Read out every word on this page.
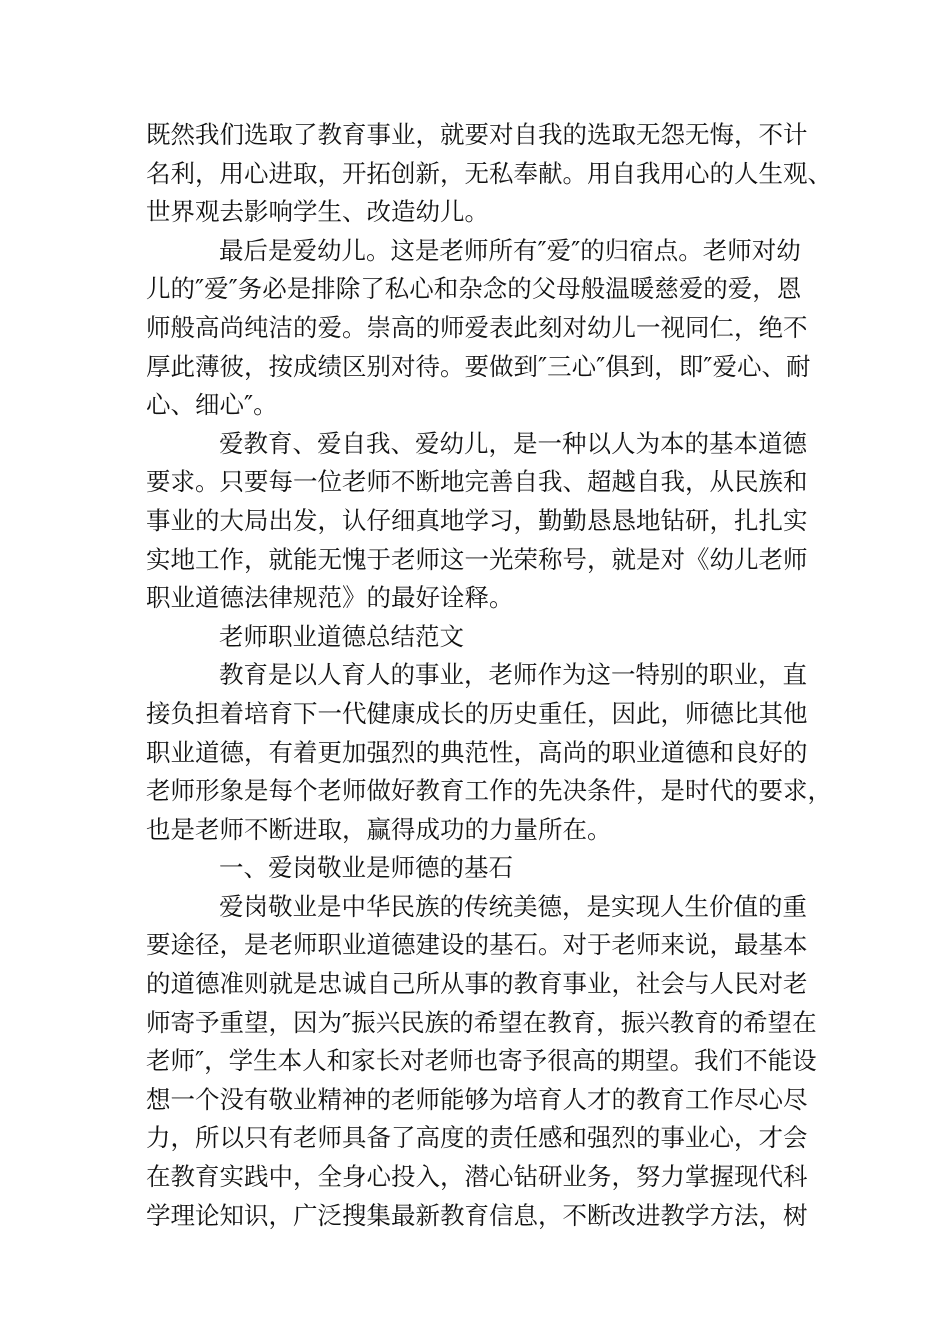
既然我们选取了教育事业，就要对自我的选取无怨无悔，不计
名利，用心进取，开拓创新，无私奉献。用自我用心的人生观、
世界观去影响学生、改造幼儿。
最后是爱幼儿。这是老师所有″爱″的归宿点。老师对幼
儿的″爱″务必是排除了私心和杂念的父母般温暖慈爱的爱，恩
师般高尚纯洁的爱。崇高的师爱表此刻对幼儿一视同仁，绝不
厚此薄彼，按成绩区别对待。要做到″三心″俱到，即″爱心、耐
心、细心″。
爱教育、爱自我、爱幼儿，是一种以人为本的基本道德
要求。只要每一位老师不断地完善自我、超越自我，从民族和
事业的大局出发，认仔细真地学习，勤勤恳恳地钻研，扎扎实
实地工作，就能无愧于老师这一光荣称号，就是对《幼儿老师
职业道德法律规范》的最好诠释。
老师职业道德总结范文
教育是以人育人的事业，老师作为这一特别的职业，直
接负担着培育下一代健康成长的历史重任，因此，师德比其他
职业道德，有着更加强烈的典范性，高尚的职业道德和良好的
老师形象是每个老师做好教育工作的先决条件，是时代的要求，
也是老师不断进取，赢得成功的力量所在。
一、爱岗敬业是师德的基石
爱岗敬业是中华民族的传统美德，是实现人生价值的重
要途径，是老师职业道德建设的基石。对于老师来说，最基本
的道德准则就是忠诚自己所从事的教育事业，社会与人民对老
师寄予重望，因为″振兴民族的希望在教育，振兴教育的希望在
老师″，学生本人和家长对老师也寄予很高的期望。我们不能设
想一个没有敬业精神的老师能够为培育人才的教育工作尽心尽
力，所以只有老师具备了高度的责任感和强烈的事业心，才会
在教育实践中，全身心投入，潜心钻研业务，努力掌握现代科
学理论知识，广泛搜集最新教育信息，不断改进教学方法，树
